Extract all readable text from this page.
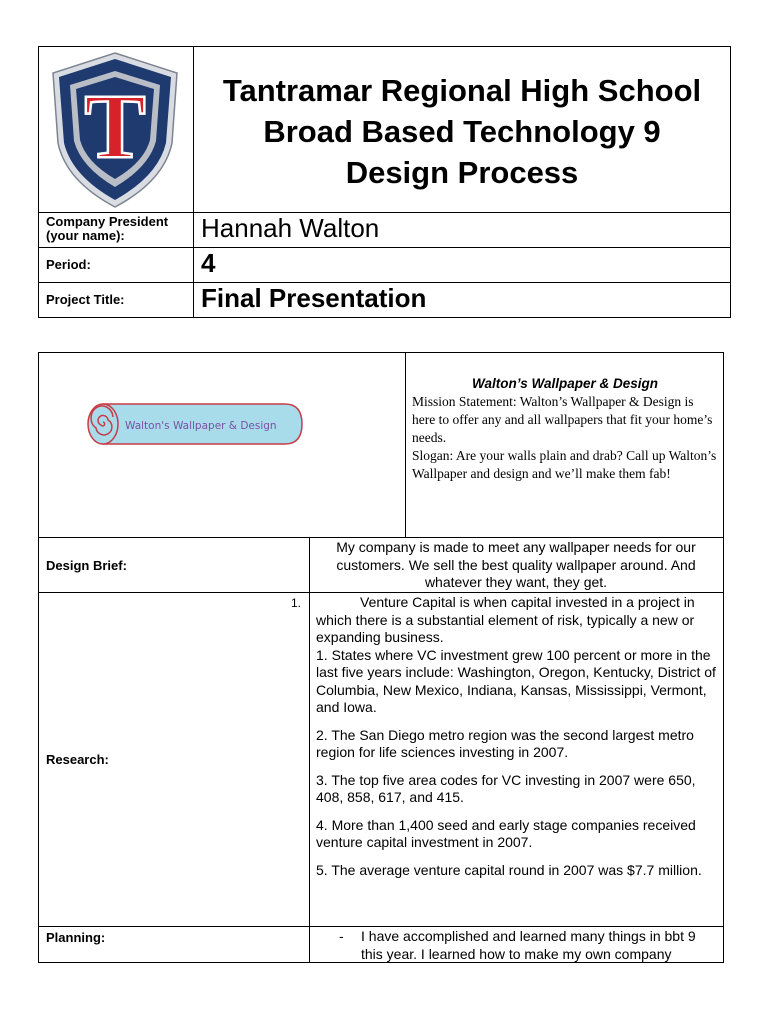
T	Tantramar Regional High School
Broad Based Technology 9
Design Process
Company President
(your name):	Hannah Walton
Period:	4
Project Title:	Final Presentation
Walton's Wallpaper & Design
Walton’s Wallpaper & Design
Mission Statement: Walton’s Wallpaper & Design is here to offer any and all wallpapers that fit your home’s needs.
Slogan: Are your walls plain and drab? Call up Walton’s Wallpaper and design and we’ll make them fab!
Design Brief:
My company is made to meet any wallpaper needs for our customers. We sell the best quality wallpaper around. And whatever they want, they get.
Research:
1.	Venture Capital is when capital invested in a project in which there is a substantial element of risk, typically a new or expanding business.

1. States where VC investment grew 100 percent or more in the last five years include: Washington, Oregon, Kentucky, District of Columbia, New Mexico, Indiana, Kansas, Mississippi, Vermont, and Iowa.

2. The San Diego metro region was the second largest metro region for life sciences investing in 2007.

3. The top five area codes for VC investing in 2007 were 650, 408, 858, 617, and 415.

4. More than 1,400 seed and early stage companies received venture capital investment in 2007.

5. The average venture capital round in 2007 was $7.7 million.

Planning:	- I have accomplished and learned many things in bbt 9 this year. I learned how to make my own company
